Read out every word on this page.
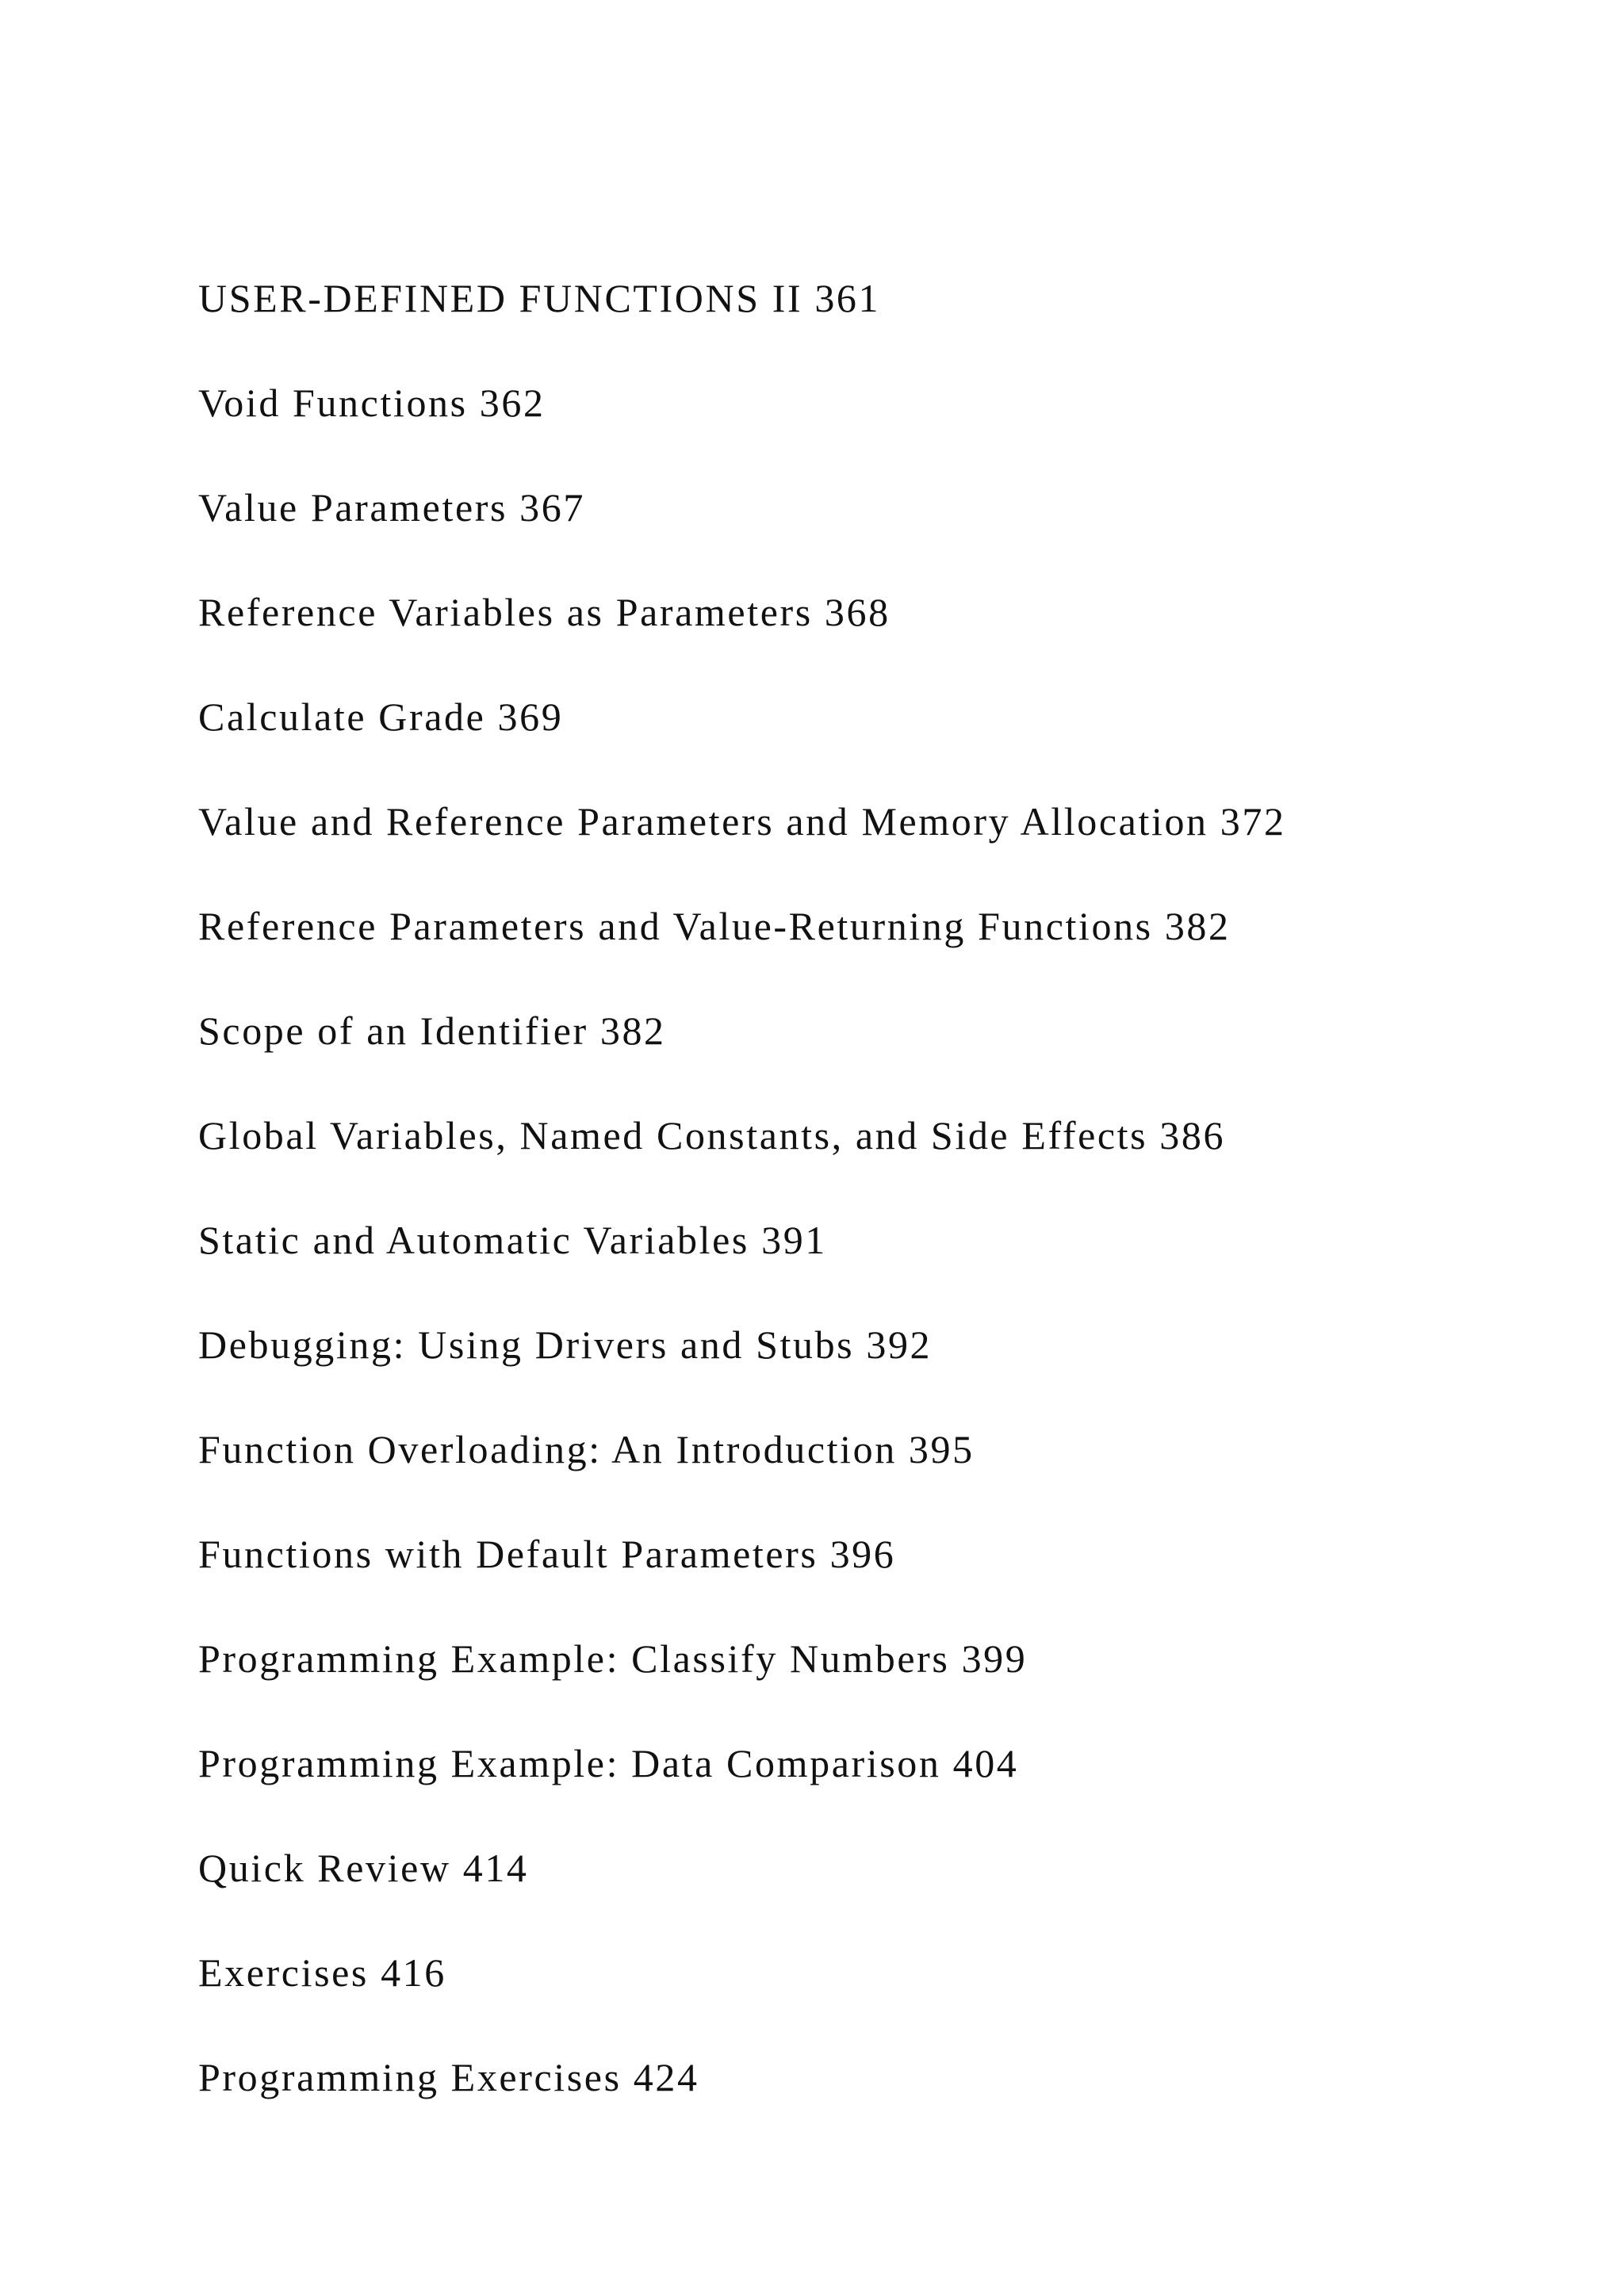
USER-DEFINED FUNCTIONS II 361
Void Functions 362
Value Parameters 367
Reference Variables as Parameters 368
Calculate Grade 369
Value and Reference Parameters and Memory Allocation 372
Reference Parameters and Value-Returning Functions 382
Scope of an Identifier 382
Global Variables, Named Constants, and Side Effects 386
Static and Automatic Variables 391
Debugging: Using Drivers and Stubs 392
Function Overloading: An Introduction 395
Functions with Default Parameters 396
Programming Example: Classify Numbers 399
Programming Example: Data Comparison 404
Quick Review 414
Exercises 416
Programming Exercises 424
